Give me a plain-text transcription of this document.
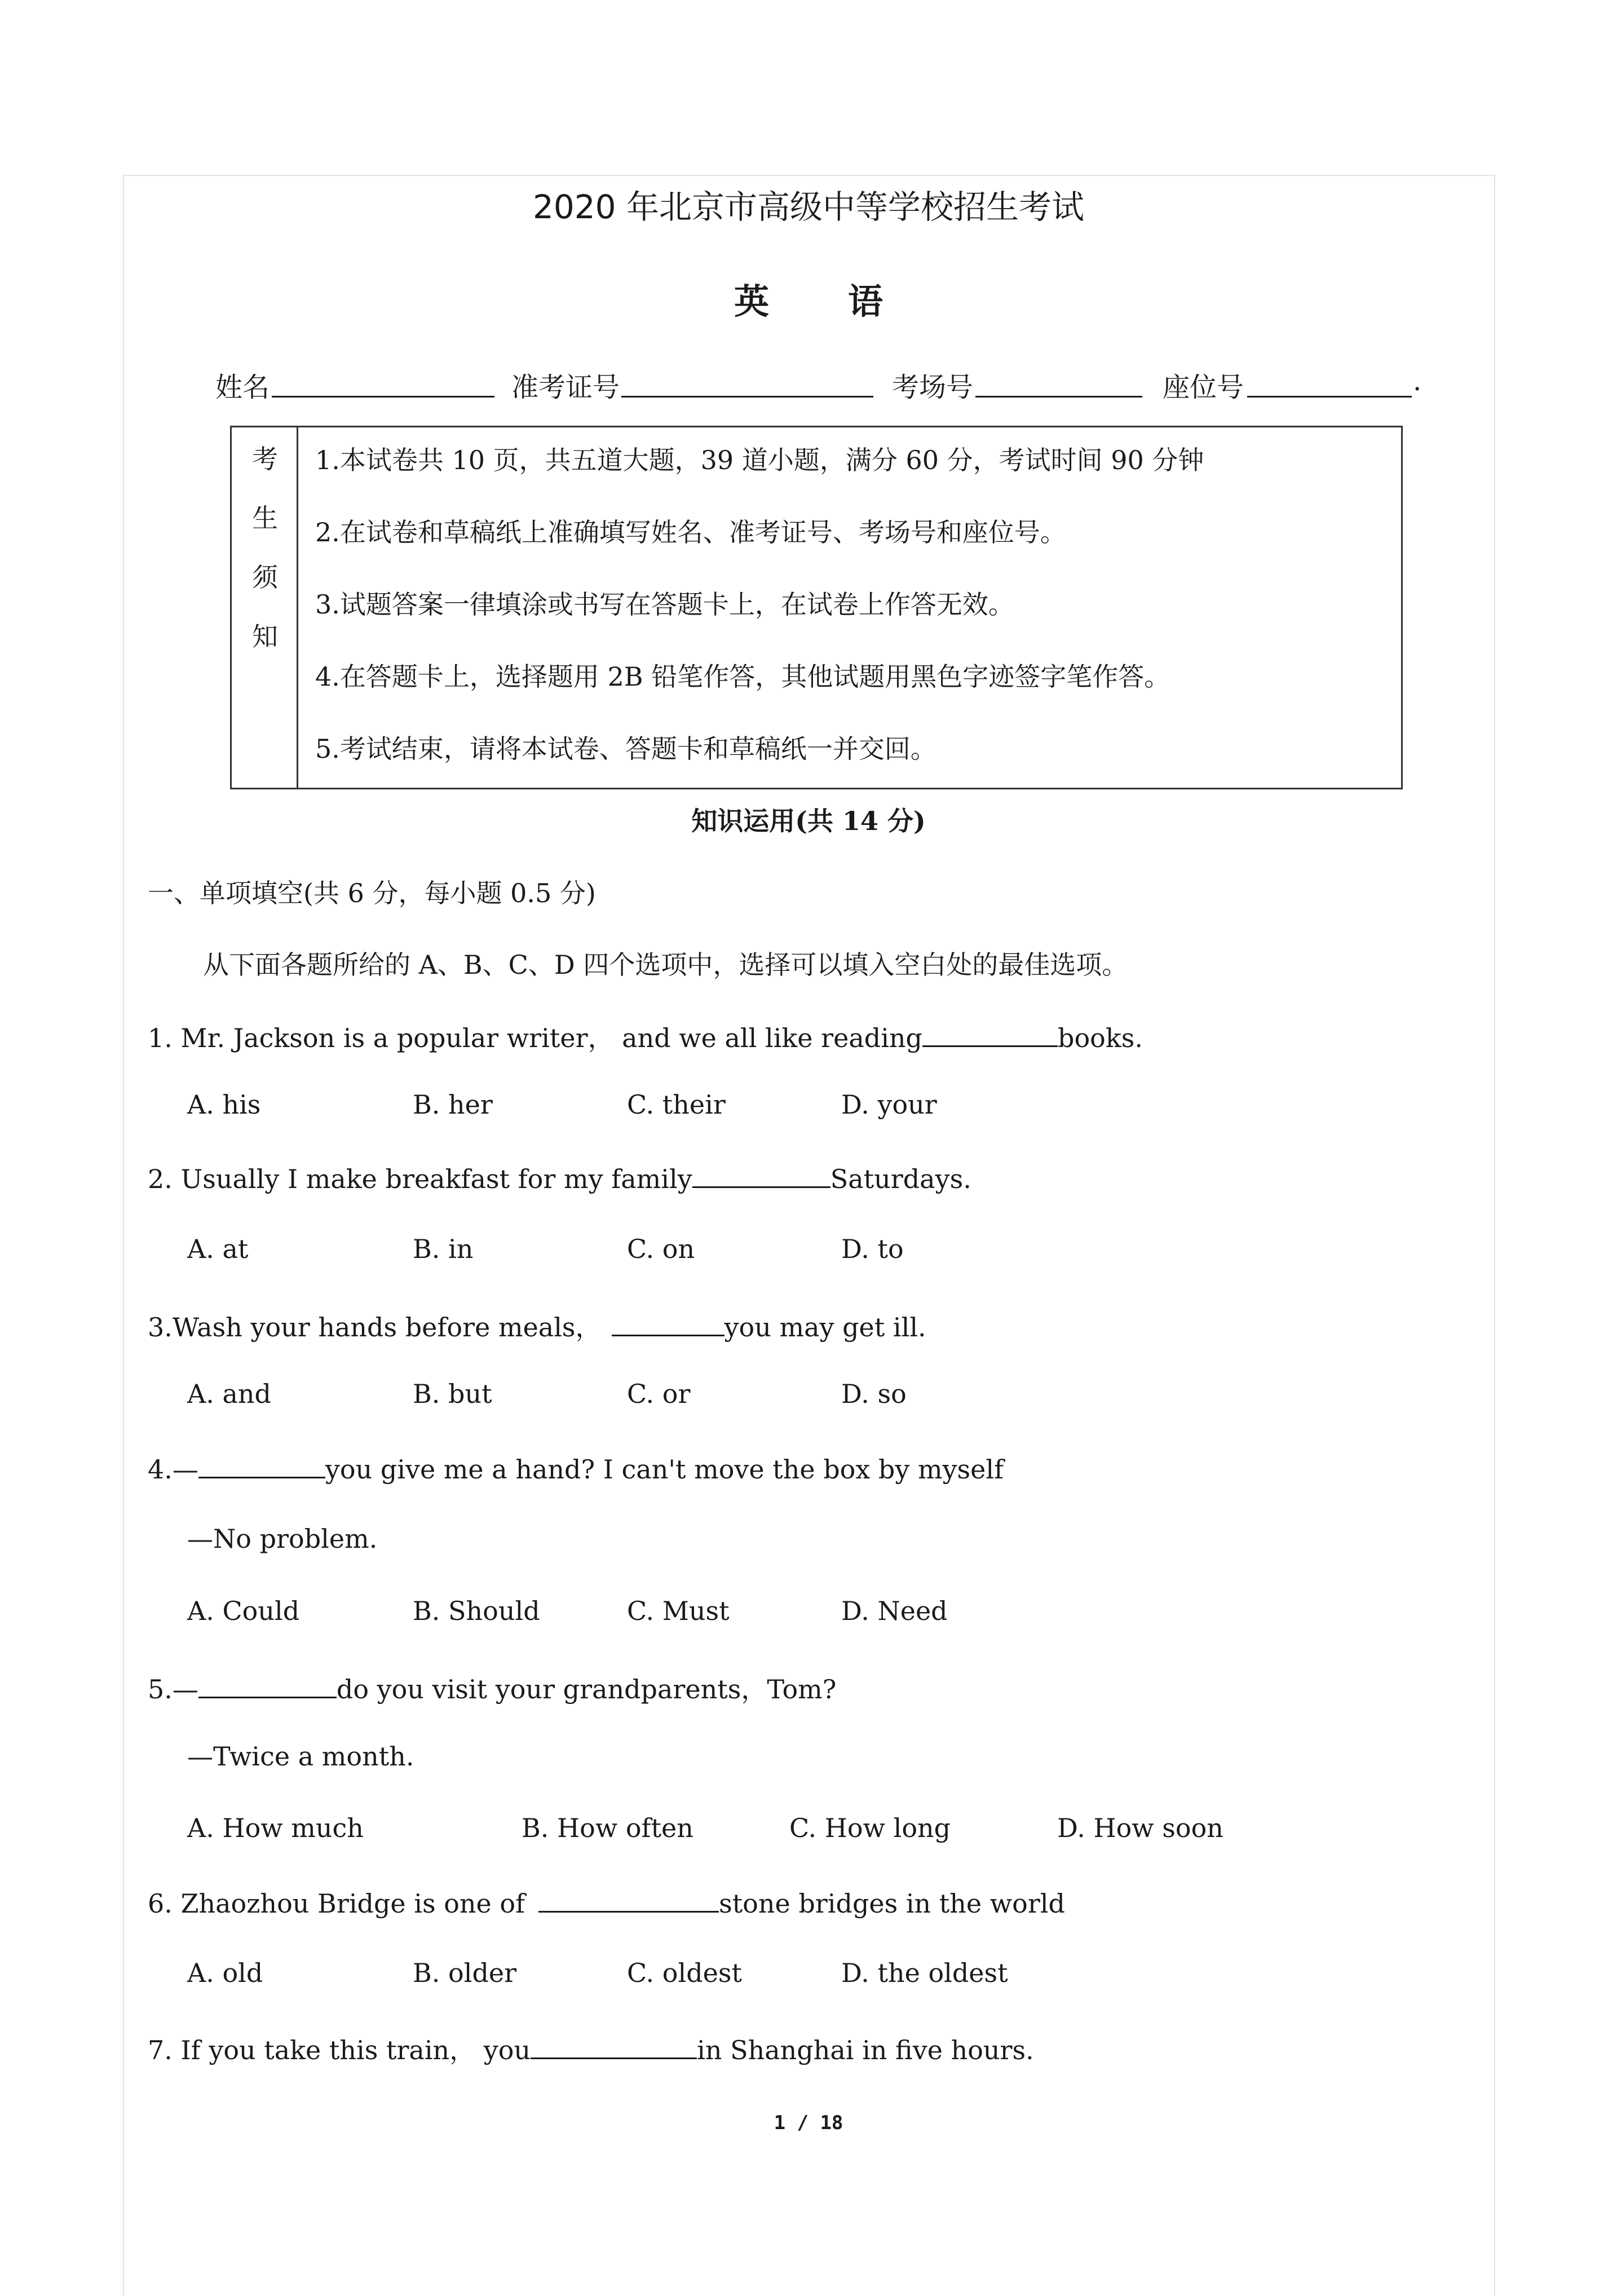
2020 年北京市高级中等学校招生考试
英语
姓名	准考证号	考场号	座位号	.
考
生
须
知
1.本试卷共 10 页，共五道大题，39 道小题，满分 60 分，考试时间 90 分钟
2.在试卷和草稿纸上准确填写姓名、准考证号、考场号和座位号。
3.试题答案一律填涂或书写在答题卡上，在试卷上作答无效。
4.在答题卡上，选择题用 2B 铅笔作答，其他试题用黑色字迹签字笔作答。
5.考试结束，请将本试卷、答题卡和草稿纸一并交回。
知识运用(共 14 分)
一、单项填空(共 6 分，每小题 0.5 分)
从下面各题所给的 A、B、C、D 四个选项中，选择可以填入空白处的最佳选项。
1. Mr. Jackson is a popular writer， and we all like reading	books.
A. his	B. her	C. their	D. your
2. Usually I make breakfast for my family	Saturdays.
A. at	B. in	C. on	D. to
3.Wash your hands before meals，	you may get ill.
A. and	B. but	C. or	D. so
4.—	you give me a hand? I can't move the box by myself
—No problem.
A. Could	B. Should	C. Must	D. Need
5.—	do you visit your grandparents，Tom?
—Twice a month.
A. How much	B. How often	C. How long	D. How soon
6. Zhaozhou Bridge is one of	stone bridges in the world
A. old	B. older	C. oldest	D. the oldest
7. If you take this train， you	in Shanghai in five hours.
1 / 18
